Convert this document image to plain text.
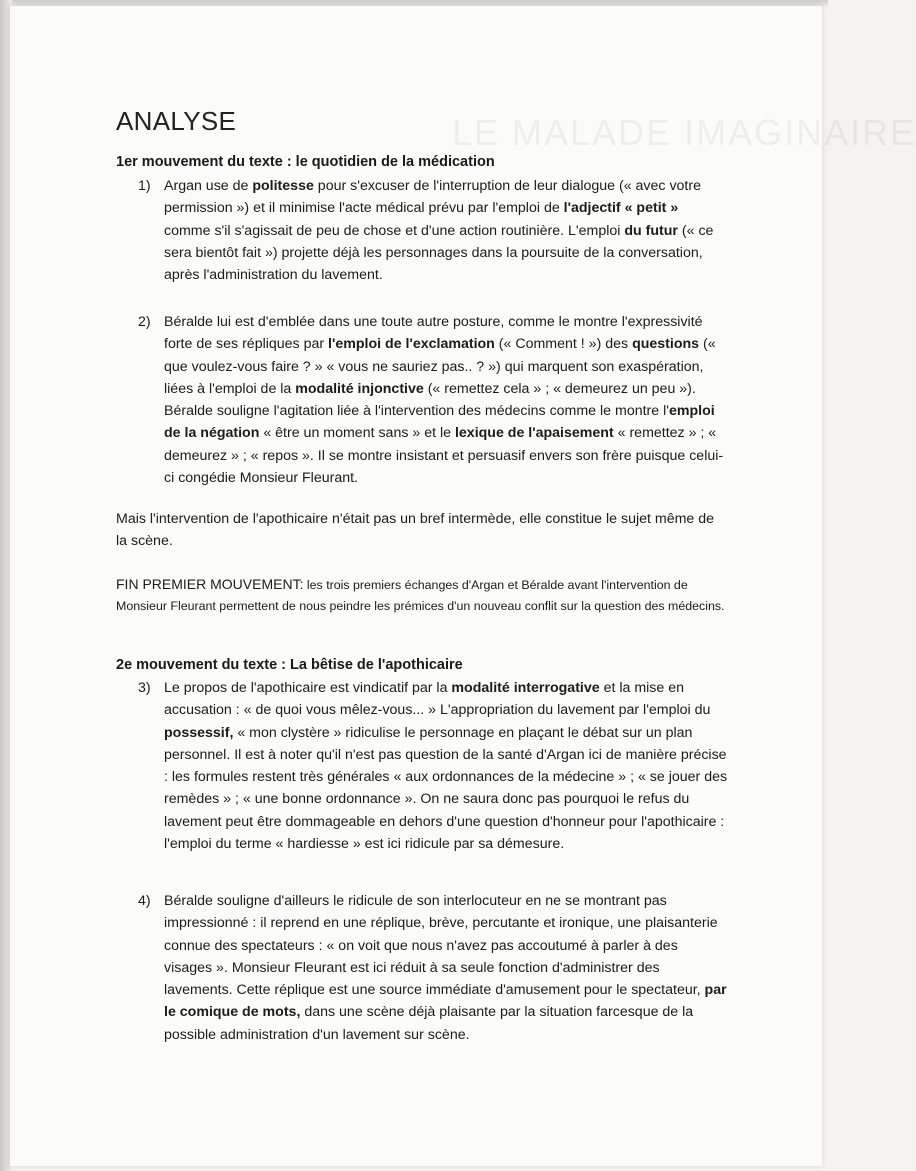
LE MALADE IMAGINAIRE
ANALYSE
1er mouvement du texte : le quotidien de la médication
1) Argan use de politesse pour s'excuser de l'interruption de leur dialogue (« avec votre permission ») et il minimise l'acte médical prévu par l'emploi de l'adjectif « petit » comme s'il s'agissait de peu de chose et d'une action routinière. L'emploi du futur (« ce sera bientôt fait ») projette déjà les personnages dans la poursuite de la conversation, après l'administration du lavement.
2) Béralde lui est d'emblée dans une toute autre posture, comme le montre l'expressivité forte de ses répliques par l'emploi de l'exclamation (« Comment ! ») des questions (« que voulez-vous faire ? » « vous ne sauriez pas.. ? ») qui marquent son exaspération, liées à l'emploi de la modalité injonctive (« remettez cela » ; « demeurez un peu »). Béralde souligne l'agitation liée à l'intervention des médecins comme le montre l'emploi de la négation « être un moment sans » et le lexique de l'apaisement « remettez » ; « demeurez » ; « repos ». Il se montre insistant et persuasif envers son frère puisque celui-ci congédie Monsieur Fleurant.
Mais l'intervention de l'apothicaire n'était pas un bref intermède, elle constitue le sujet même de la scène.
FIN PREMIER MOUVEMENT: les trois premiers échanges d'Argan et Béralde avant l'intervention de Monsieur Fleurant permettent de nous peindre les prémices d'un nouveau conflit sur la question des médecins.
2e mouvement du texte : La bêtise de l'apothicaire
3) Le propos de l'apothicaire est vindicatif par la modalité interrogative et la mise en accusation : « de quoi vous mêlez-vous... » L'appropriation du lavement par l'emploi du possessif, « mon clystère » ridiculise le personnage en plaçant le débat sur un plan personnel. Il est à noter qu'il n'est pas question de la santé d'Argan ici de manière précise : les formules restent très générales « aux ordonnances de la médecine » ; « se jouer des remèdes » ; « une bonne ordonnance ». On ne saura donc pas pourquoi le refus du lavement peut être dommageable en dehors d'une question d'honneur pour l'apothicaire : l'emploi du terme « hardiesse » est ici ridicule par sa démesure.
4) Béralde souligne d'ailleurs le ridicule de son interlocuteur en ne se montrant pas impressionné : il reprend en une réplique, brève, percutante et ironique, une plaisanterie connue des spectateurs : « on voit que nous n'avez pas accoutumé à parler à des visages ». Monsieur Fleurant est ici réduit à sa seule fonction d'administrer des lavements. Cette réplique est une source immédiate d'amusement pour le spectateur, par le comique de mots, dans une scène déjà plaisante par la situation farcesque de la possible administration d'un lavement sur scène.
